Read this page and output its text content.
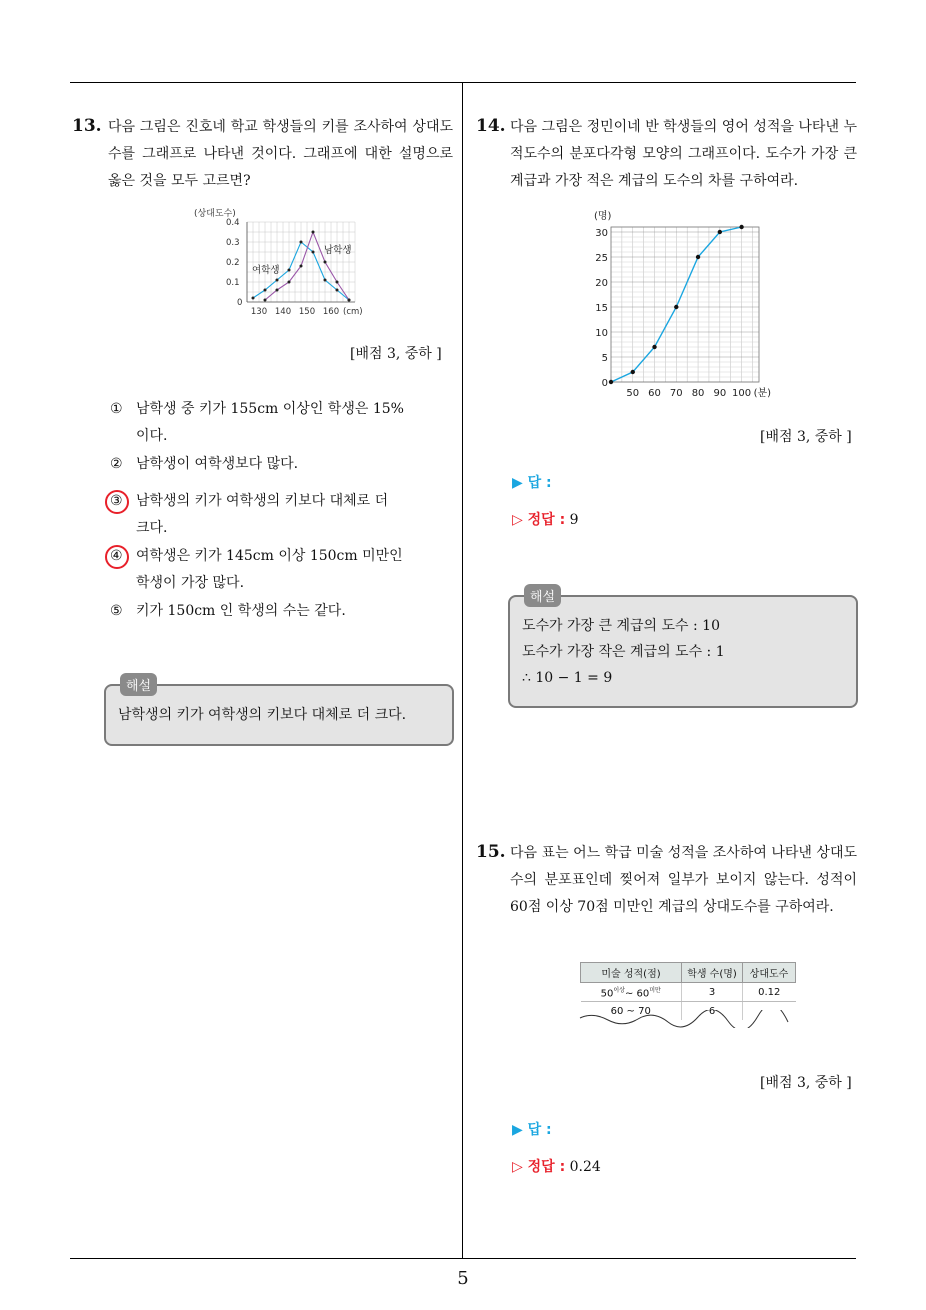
5
13. 다음 그림은 진호네 학교 학생들의 키를 조사하여 상대도수를 그래프로 나타낸 것이다. 그래프에 대한 설명으로 옳은 것을 모두 고르면?
(상대도수)
0.4
0.3
0.2
0.1
0
130 140 150 160 (cm)
여학생
남학생
[배점 3, 중하 ]
① 남학생 중 키가 155cm 이상인 학생은 15%
이다.
② 남학생이 여학생보다 많다.
③ 남학생의 키가 여학생의 키보다 대체로 더
크다.
④ 여학생은 키가 145cm 이상 150cm 미만인
학생이 가장 많다.
⑤ 키가 150cm 인 학생의 수는 같다.
남학생의 키가 여학생의 키보다 대체로 더 크다.
해설
14. 다음 그림은 정민이네 반 학생들의 영어 성적을 나타낸 누적도수의 분포다각형 모양의 그래프이다. 도수가 가장 큰 계급과 가장 적은 계급의 도수의 차를 구하여라.
(명)
30
25
20
15
10
5
0
50 60 70 80 90 100 (분)
[배점 3, 중하 ]
▶ 답 :
▷ 정답 : 9
도수가 가장 큰 계급의 도수 : 10
도수가 가장 작은 계급의 도수 : 1
∴ 10 − 1 = 9
해설
15. 다음 표는 어느 학급 미술 성적을 조사하여 나타낸 상대도수의 분포표인데 찢어져 일부가 보이지 않는다. 성적이 60점 이상 70점 미만인 계급의 상대도수를 구하여라.
미술 성적(점)	학생 수(명)	상대도수
$50^{이상}\sim$ $60^{미만}$	3	0.12
60 ~ 70	6	
[배점 3, 중하 ]
▶ 답 :
▷ 정답 : 0.24
